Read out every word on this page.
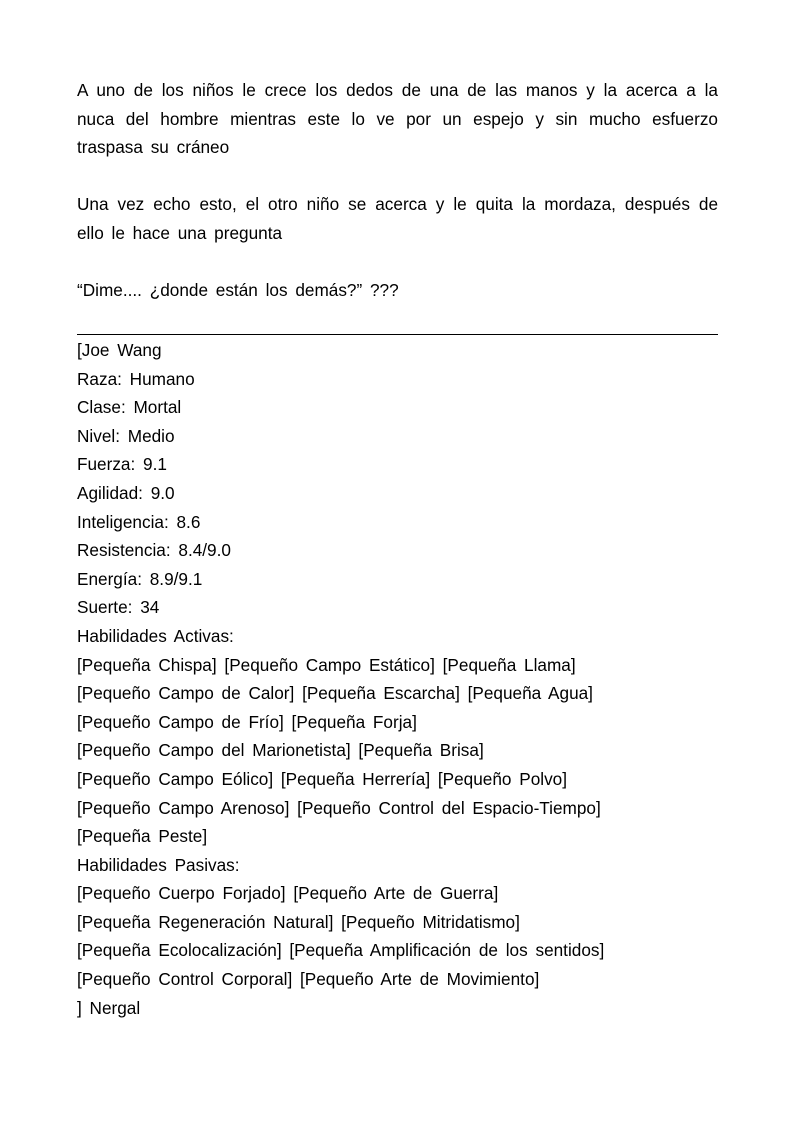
A uno de los niños le crece los dedos de una de las manos y la acerca a la nuca del hombre mientras este lo ve por un espejo y sin mucho esfuerzo traspasa su cráneo

Una vez echo esto, el otro niño se acerca y le quita la mordaza, después de ello le hace una pregunta

“Dime.... ¿donde están los demás?” ???

[Joe Wang

Raza: Humano

Clase: Mortal

Nivel: Medio

Fuerza: 9.1

Agilidad: 9.0

Inteligencia: 8.6

Resistencia: 8.4/9.0

Energía: 8.9/9.1

Suerte: 34

Habilidades Activas:

[Pequeña Chispa] [Pequeño Campo Estático] [Pequeña Llama]

[Pequeño Campo de Calor] [Pequeña Escarcha] [Pequeña Agua]

[Pequeño Campo de Frío] [Pequeña Forja]

[Pequeño Campo del Marionetista] [Pequeña Brisa]

[Pequeño Campo Eólico] [Pequeña Herrería] [Pequeño Polvo]

[Pequeño Campo Arenoso] [Pequeño Control del Espacio-Tiempo]

[Pequeña Peste]

Habilidades Pasivas:

[Pequeño Cuerpo Forjado] [Pequeño Arte de Guerra]

[Pequeña Regeneración Natural] [Pequeño Mitridatismo]

[Pequeña Ecolocalización] [Pequeña Amplificación de los sentidos]

[Pequeño Control Corporal] [Pequeño Arte de Movimiento]

] Nergal
